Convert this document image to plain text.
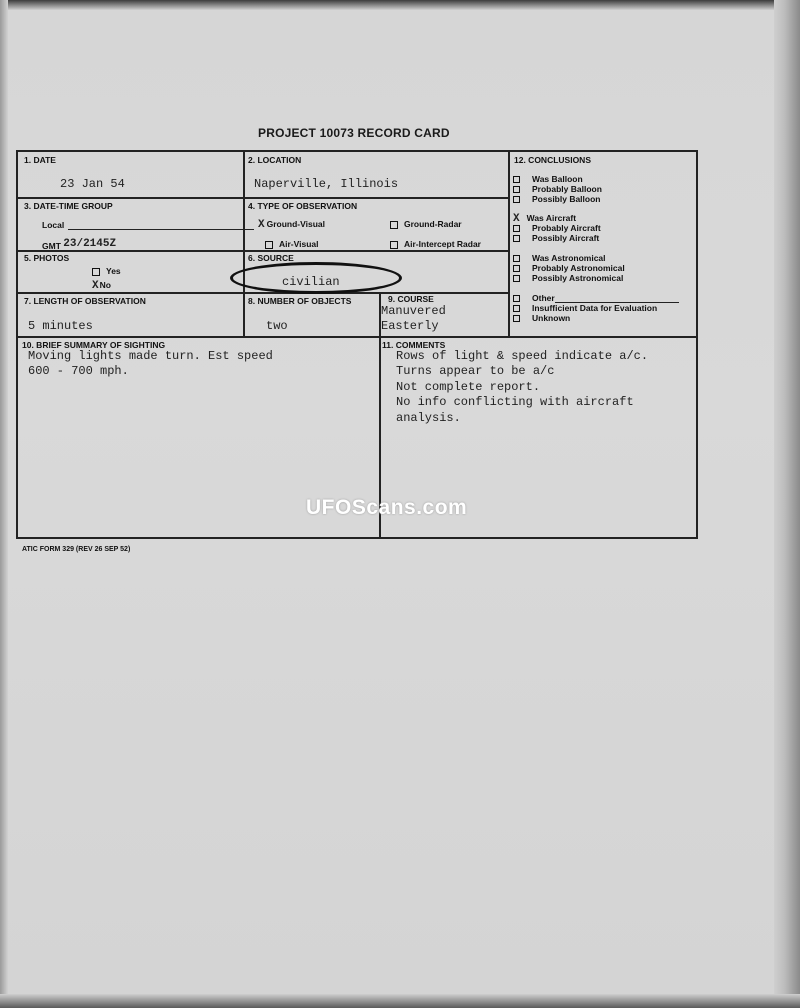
PROJECT 10073 RECORD CARD
1. DATE
23 Jan 54
2. LOCATION
Naperville, Illinois
3. DATE-TIME GROUP
Local
GMT 23/2145Z
4. TYPE OF OBSERVATION
X Ground-Visual	Ground-Radar
Air-Visual	Air-Intercept Radar
5. PHOTOS
Yes
XNo
6. SOURCE
civilian
7. LENGTH OF OBSERVATION
5 minutes
8. NUMBER OF OBJECTS
two
9. COURSE
Manuvered
Easterly
10. BRIEF SUMMARY OF SIGHTING
Moving lights made turn. Est speed
600 - 700 mph.
11. COMMENTS
Rows of light & speed indicate a/c.
Turns appear to be a/c
Not complete report.
No info conflicting with aircraft
analysis.
12. CONCLUSIONS
Was Balloon
Probably Balloon
Possibly Balloon
X Was Aircraft
Probably Aircraft
Possibly Aircraft
Was Astronomical
Probably Astronomical
Possibly Astronomical
Other
Insufficient Data for Evaluation
Unknown
UFOScans.com
ATIC FORM 329 (REV 26 SEP 52)
